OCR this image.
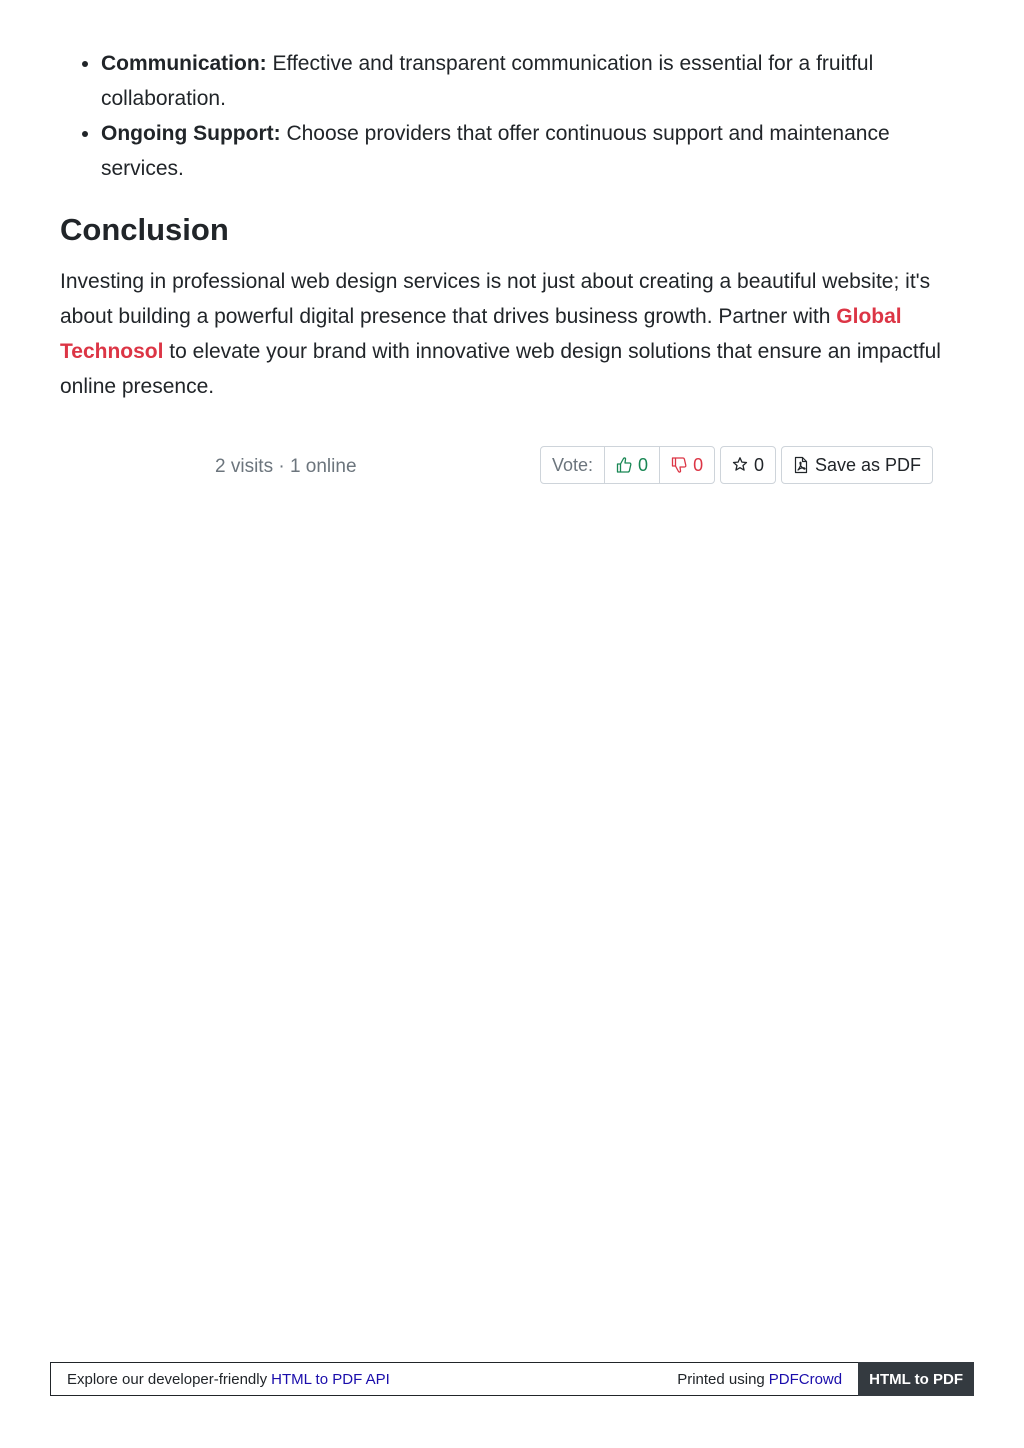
• Communication: Effective and transparent communication is essential for a fruitful collaboration.
• Ongoing Support: Choose providers that offer continuous support and maintenance services.
Conclusion

Investing in professional web design services is not just about creating a beautiful website; it's about building a powerful digital presence that drives business growth. Partner with Global Technosol to elevate your brand with innovative web design solutions that ensure an impactful online presence.

2 visits · 1 online	Vote:	0	0	0	Save as PDF
Explore our developer-friendly HTML to PDF API	Printed using PDFCrowd	HTML to PDF
